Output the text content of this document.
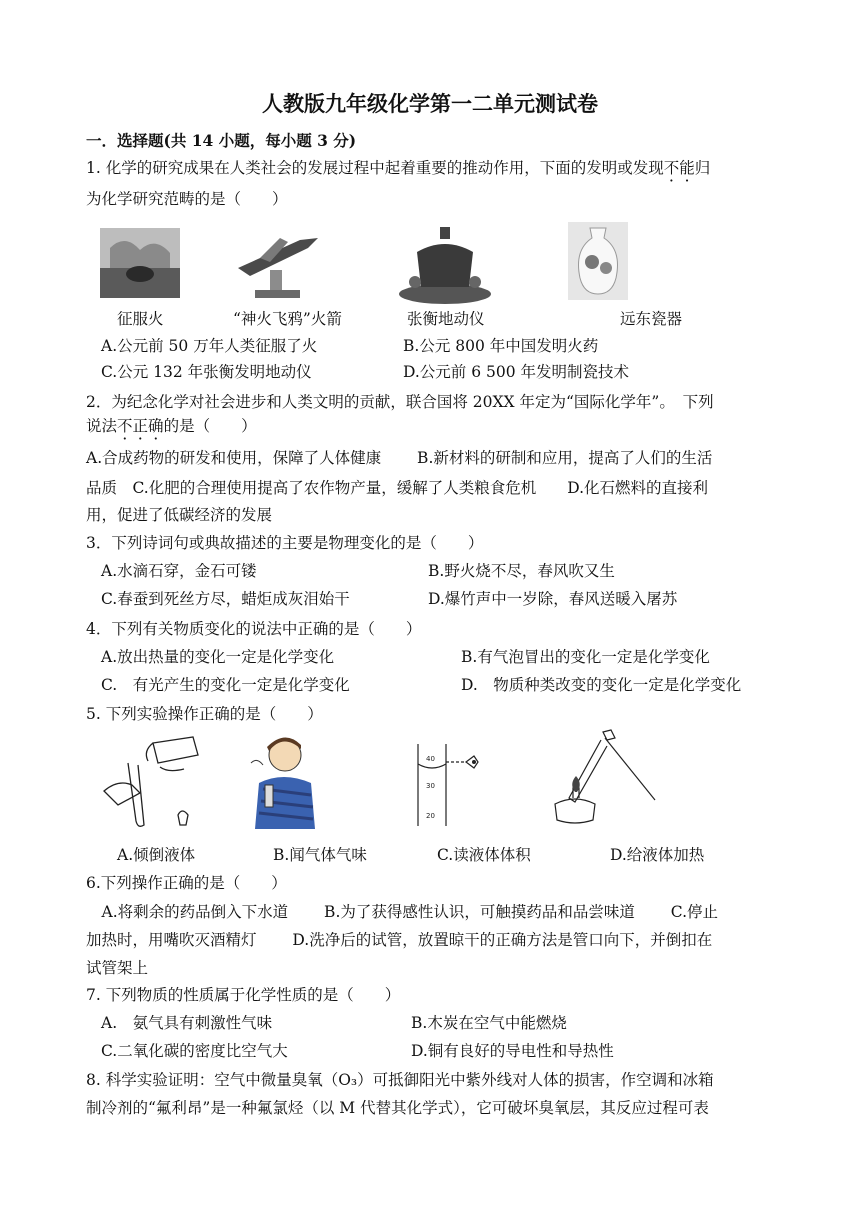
人教版九年级化学第一二单元测试卷
一．选择题(共 14 小题，每小题 3 分)
1. 化学的研究成果在人类社会的发展过程中起着重要的推动作用，下面的发明或发现不能归
为化学研究范畴的是（　　）
征服火	“神火飞鸦”火箭	张衡地动仪	远东瓷器
A.公元前 50 万年人类征服了火	B.公元 800 年中国发明火药
C.公元 132 年张衡发明地动仪	D.公元前 6 500 年发明制瓷技术
2．为纪念化学对社会进步和人类文明的贡献，联合国将 20XX 年定为“国际化学年”。　下列
说法不正确的是（　　）
A.合成药物的研发和使用，保障了人体健康　　 B.新材料的研制和应用，提高了人们的生活
品质　C.化肥的合理使用提高了农作物产量，缓解了人类粮食危机　　D.化石燃料的直接利
用，促进了低碳经济的发展
3．下列诗词句或典故描述的主要是物理变化的是（　　）
A.水滴石穿，金石可镂	B.野火烧不尽，春风吹又生
C.春蚕到死丝方尽，蜡炬成灰泪始干	D.爆竹声中一岁除，春风送暖入屠苏
4．下列有关物质变化的说法中正确的是（　　）
A.放出热量的变化一定是化学变化	B.有气泡冒出的变化一定是化学变化
C.　有光产生的变化一定是化学变化	D.　物质种类改变的变化一定是化学变化
5. 下列实验操作正确的是（　　）
40
30
20
A.倾倒液体	B.闻气体气味	C.读液体体积	D.给液体加热
6.下列操作正确的是（　　）
　A.将剩余的药品倒入下水道　　 B.为了获得感性认识，可触摸药品和品尝味道　　 C.停止
加热时，用嘴吹灭酒精灯　　 D.洗净后的试管，放置晾干的正确方法是管口向下，并倒扣在
试管架上
7. 下列物质的性质属于化学性质的是（　　）
A.　氨气具有刺激性气味	B.木炭在空气中能燃烧
C.二氧化碳的密度比空气大	D.铜有良好的导电性和导热性
8. 科学实验证明：空气中微量臭氧（O₃）可抵御阳光中紫外线对人体的损害，作空调和冰箱
制冷剂的“氟利昂”是一种氟氯烃（以 M 代替其化学式），它可破坏臭氧层，其反应过程可表
